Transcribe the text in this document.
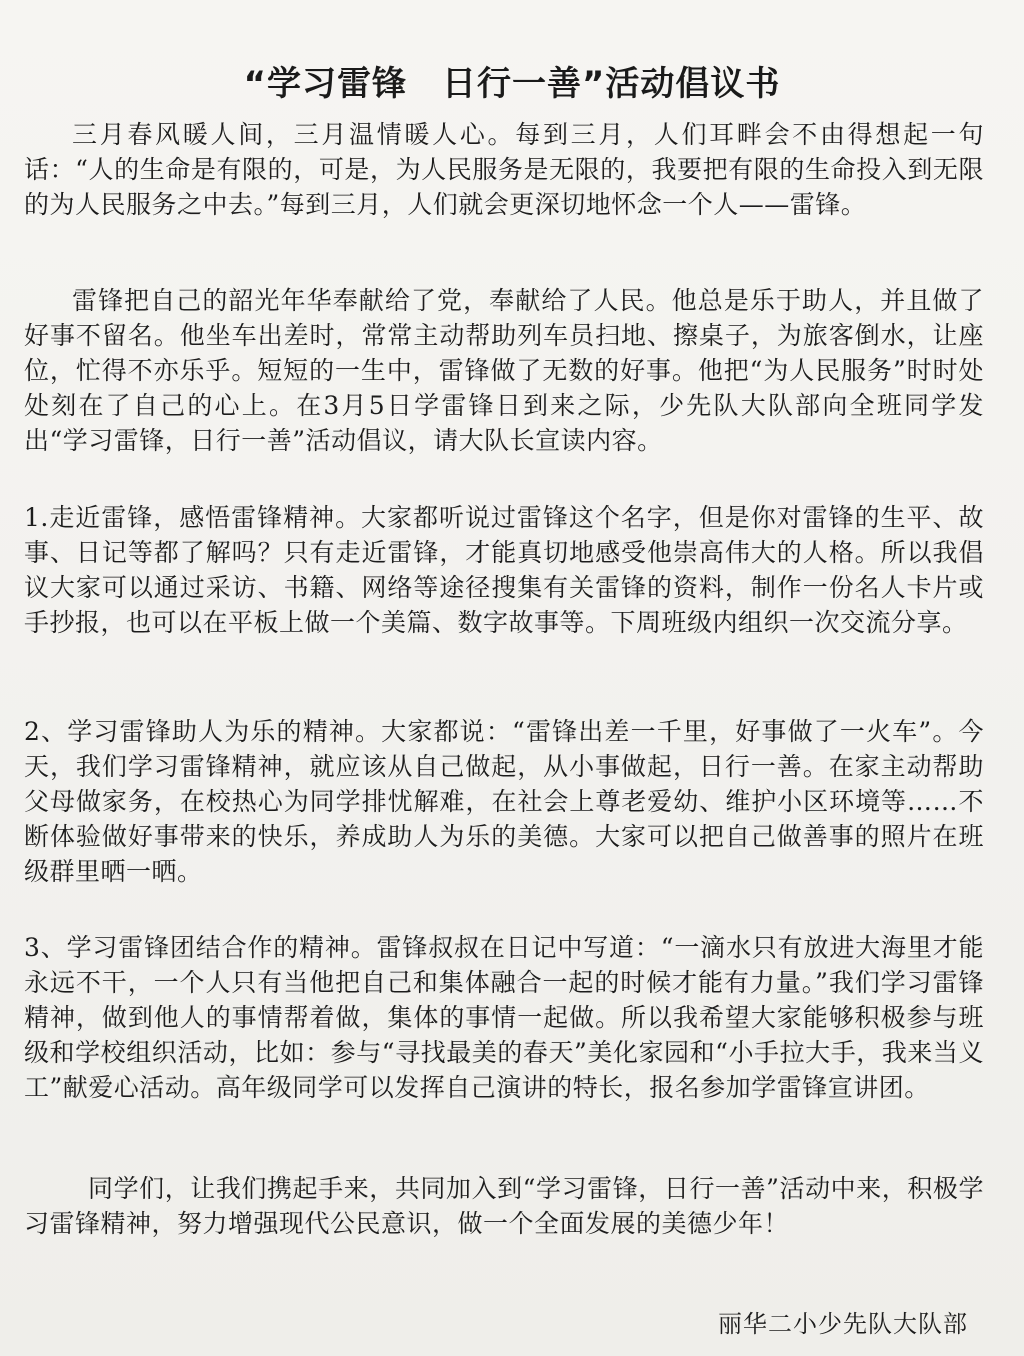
“学习雷锋　日行一善”活动倡议书

三月春风暖人间，三月温情暖人心。每到三月，人们耳畔会不由得想起一句话：“人的生命是有限的，可是，为人民服务是无限的，我要把有限的生命投入到无限的为人民服务之中去。”每到三月，人们就会更深切地怀念一个人——雷锋。

雷锋把自己的韶光年华奉献给了党，奉献给了人民。他总是乐于助人，并且做了好事不留名。他坐车出差时，常常主动帮助列车员扫地、擦桌子，为旅客倒水，让座位，忙得不亦乐乎。短短的一生中，雷锋做了无数的好事。他把“为人民服务”时时处处刻在了自己的心上。在3月5日学雷锋日到来之际，少先队大队部向全班同学发出“学习雷锋，日行一善”活动倡议，请大队长宣读内容。

1.走近雷锋，感悟雷锋精神。大家都听说过雷锋这个名字，但是你对雷锋的生平、故事、日记等都了解吗？只有走近雷锋，才能真切地感受他崇高伟大的人格。所以我倡议大家可以通过采访、书籍、网络等途径搜集有关雷锋的资料，制作一份名人卡片或手抄报，也可以在平板上做一个美篇、数字故事等。下周班级内组织一次交流分享。

2、学习雷锋助人为乐的精神。大家都说：“雷锋出差一千里，好事做了一火车”。今天，我们学习雷锋精神，就应该从自己做起，从小事做起，日行一善。在家主动帮助父母做家务，在校热心为同学排忧解难，在社会上尊老爱幼、维护小区环境等……不断体验做好事带来的快乐，养成助人为乐的美德。大家可以把自己做善事的照片在班级群里晒一晒。

3、学习雷锋团结合作的精神。雷锋叔叔在日记中写道：“一滴水只有放进大海里才能永远不干，一个人只有当他把自己和集体融合一起的时候才能有力量。”我们学习雷锋精神，做到他人的事情帮着做，集体的事情一起做。所以我希望大家能够积极参与班级和学校组织活动，比如：参与“寻找最美的春天”美化家园和“小手拉大手，我来当义工”献爱心活动。高年级同学可以发挥自己演讲的特长，报名参加学雷锋宣讲团。

同学们，让我们携起手来，共同加入到“学习雷锋，日行一善”活动中来，积极学习雷锋精神，努力增强现代公民意识，做一个全面发展的美德少年！

丽华二小少先队大队部
